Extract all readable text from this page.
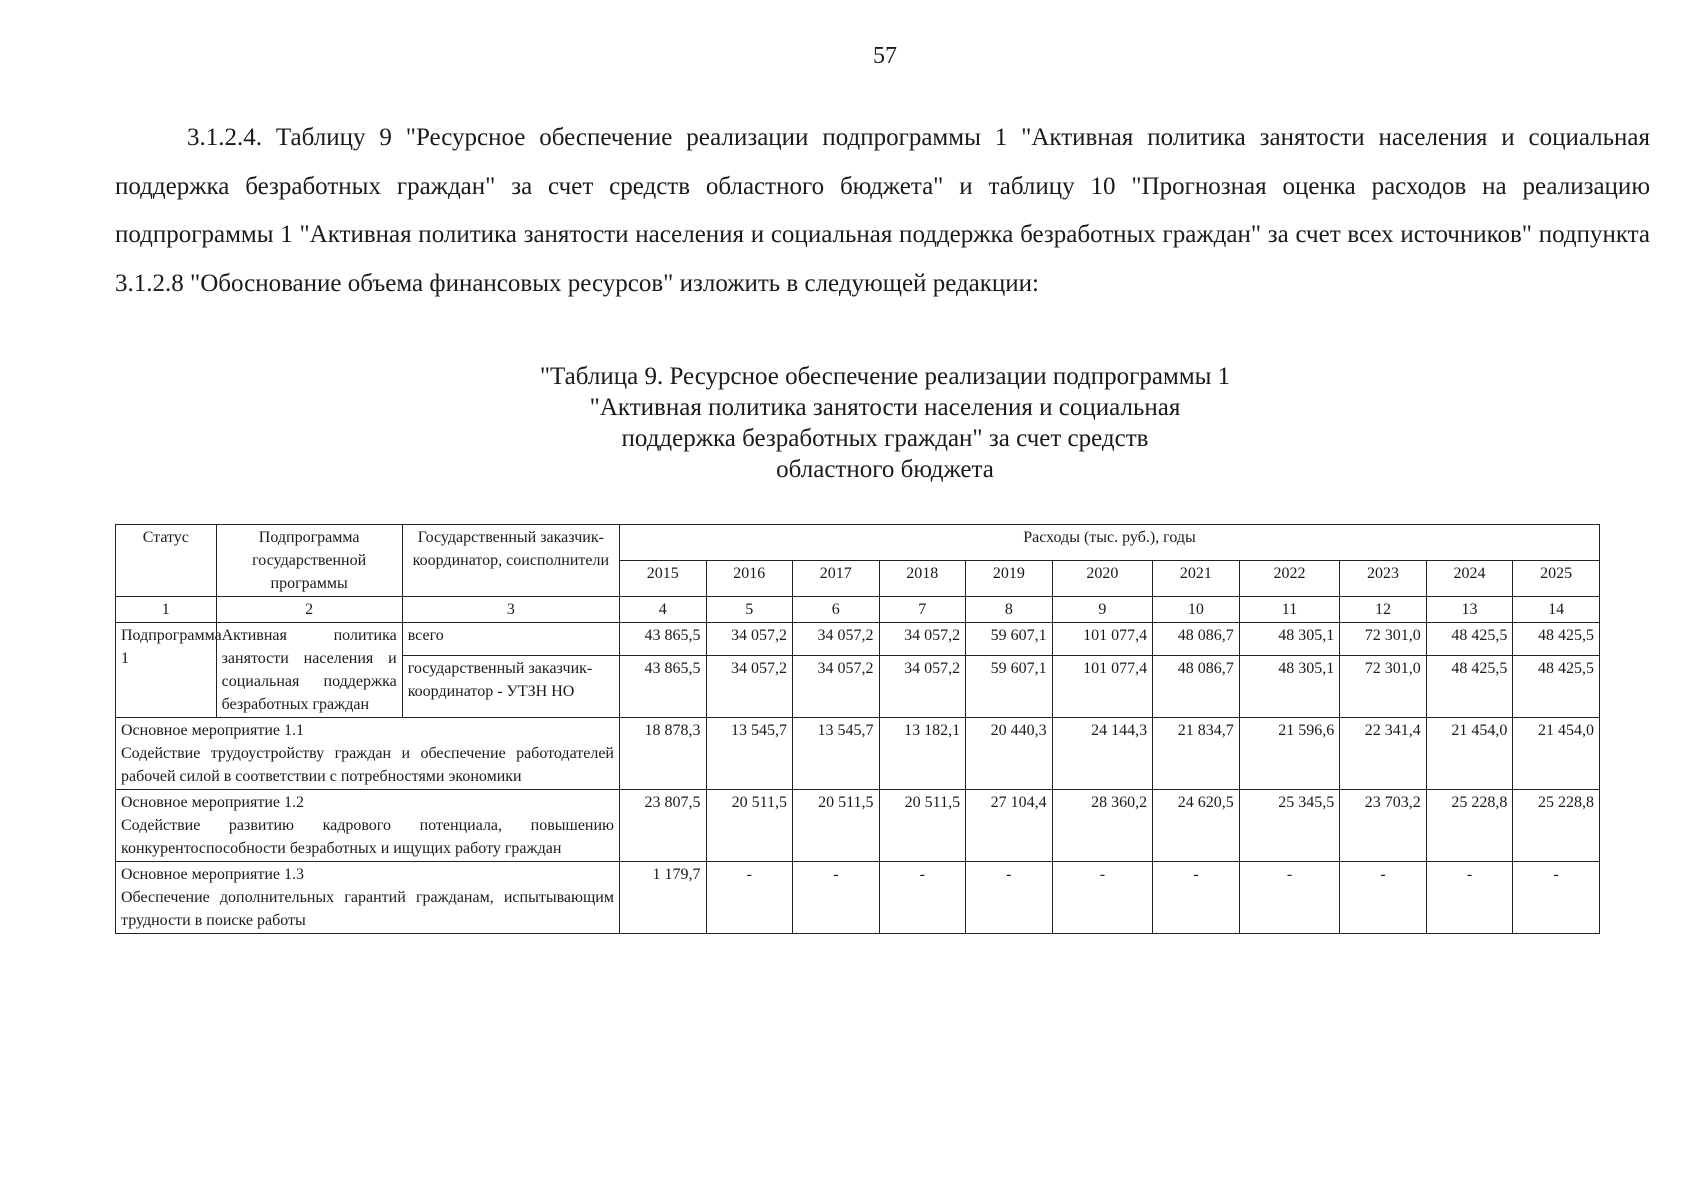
57

3.1.2.4. Таблицу 9 "Ресурсное обеспечение реализации подпрограммы 1 "Активная политика занятости населения и социальная поддержка безработных граждан" за счет средств областного бюджета" и таблицу 10 "Прогнозная оценка расходов на реализацию подпрограммы 1 "Активная политика занятости населения и социальная поддержка безработных граждан" за счет всех источников" подпункта 3.1.2.8 "Обоснование объема финансовых ресурсов" изложить в следующей редакции:

"Таблица 9. Ресурсное обеспечение реализации подпрограммы 1
"Активная политика занятости населения и социальная
поддержка безработных граждан" за счет средств
областного бюджета
Статус	Подпрограмма государственной программы	Государственный заказчик-координатор, соисполнители	Расходы (тыс. руб.), годы										
			2015	2016	2017	2018	2019	2020	2021	2022	2023	2024	2025
1	2	3	4	5	6	7	8	9	10	11	12	13	14
Подпрограмма 1	Активная политика занятости населения и социальная поддержка безработных граждан	всего	43 865,5	34 057,2	34 057,2	34 057,2	59 607,1	101 077,4	48 086,7	48 305,1	72 301,0	48 425,5	48 425,5
		государственный заказчик-координатор - УТЗН НО	43 865,5	34 057,2	34 057,2	34 057,2	59 607,1	101 077,4	48 086,7	48 305,1	72 301,0	48 425,5	48 425,5

Основное мероприятие 1.1
Содействие трудоустройству граждан и обеспечение работодателей рабочей силой в соответствии с потребностями экономики			18 878,3	13 545,7	13 545,7	13 182,1	20 440,3	24 144,3	21 834,7	21 596,6	22 341,4	21 454,0	21 454,0

Основное мероприятие 1.2
Содействие развитию кадрового потенциала, повышению конкурентоспособности безработных и ищущих работу граждан			23 807,5	20 511,5	20 511,5	20 511,5	27 104,4	28 360,2	24 620,5	25 345,5	23 703,2	25 228,8	25 228,8

Основное мероприятие 1.3
Обеспечение дополнительных гарантий гражданам, испытывающим трудности в поиске работы			1 179,7	-	-	-	-	-	-	-	-	-	-
